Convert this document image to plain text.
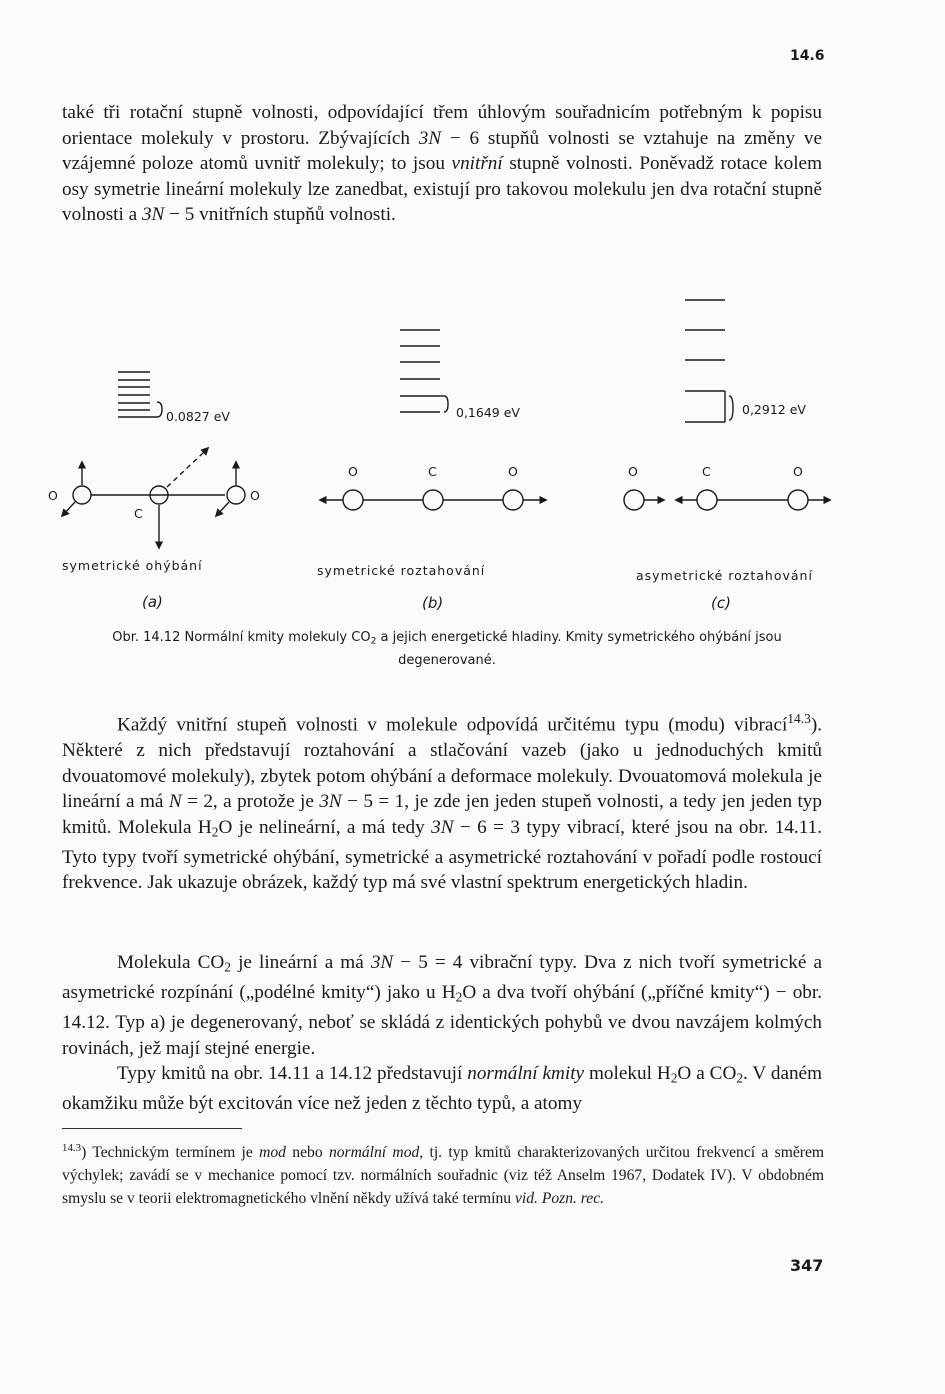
14.6

také tři rotační stupně volnosti, odpovídající třem úhlovým souřadnicím potřebným k popisu orientace molekuly v prostoru. Zbývajících 3N − 6 stupňů volnosti se vztahuje na změny ve vzájemné poloze atomů uvnitř molekuly; to jsou vnitřní stupně volnosti. Poněvadž rotace kolem osy symetrie lineární molekuly lze zanedbat, existují pro takovou molekulu jen dva rotační stupně volnosti a 3N − 5 vnitřních stupňů volnosti.

0.0827 eV	0,1649 eV	0,2912 eV
O
C
O
O	C	O	O	C	O
symetrické ohýbání	symetrické roztahování	asymetrické roztahování
(a)	(b)	(c)
Obr. 14.12 Normální kmity molekuly $CO_2$ a jejich energetické hladiny. Kmity symetrického ohýbání jsou degenerované.

Každý vnitřní stupeň volnosti v molekule odpovídá určitému typu (modu) vibrací$^{14.3}$). Některé z nich představují roztahování a stlačování vazeb (jako u jednoduchých kmitů dvouatomové molekuly), zbytek potom ohýbání a deformace molekuly. Dvouatomová molekula je lineární a má N = 2, a protože je 3N − 5 = 1, je zde jen jeden stupeň volnosti, a tedy jen jeden typ kmitů. Molekula $H_2O$ je nelineární, a má tedy 3N − 6 = 3 typy vibrací, které jsou na obr. 14.11. Tyto typy tvoří symetrické ohýbání, symetrické a asymetrické roztahování v pořadí podle rostoucí frekvence. Jak ukazuje obrázek, každý typ má své vlastní spektrum energetických hladin.

Molekula $CO_2$ je lineární a má 3N − 5 = 4 vibrační typy. Dva z nich tvoří symetrické a asymetrické rozpínání („podélné kmity“) jako u $H_2O$ a dva tvoří ohýbání („příčné kmity“) − obr. 14.12. Typ a) je degenerovaný, neboť se skládá z identických pohybů ve dvou navzájem kolmých rovinách, jež mají stejné energie.

Typy kmitů na obr. 14.11 a 14.12 představují normální kmity molekul $H_2O$ a $CO_2$. V daném okamžiku může být excitován více než jeden z těchto typů, a atomy

$^{14.3}$) Technickým termínem je mod nebo normální mod, tj. typ kmitů charakterizovaných určitou frekvencí a směrem výchylek; zavádí se v mechanice pomocí tzv. normálních souřadnic (viz též Anselm 1967, Dodatek IV). V obdobném smyslu se v teorii elektromagnetického vlnění někdy užívá také termínu vid. Pozn. rec.

347
